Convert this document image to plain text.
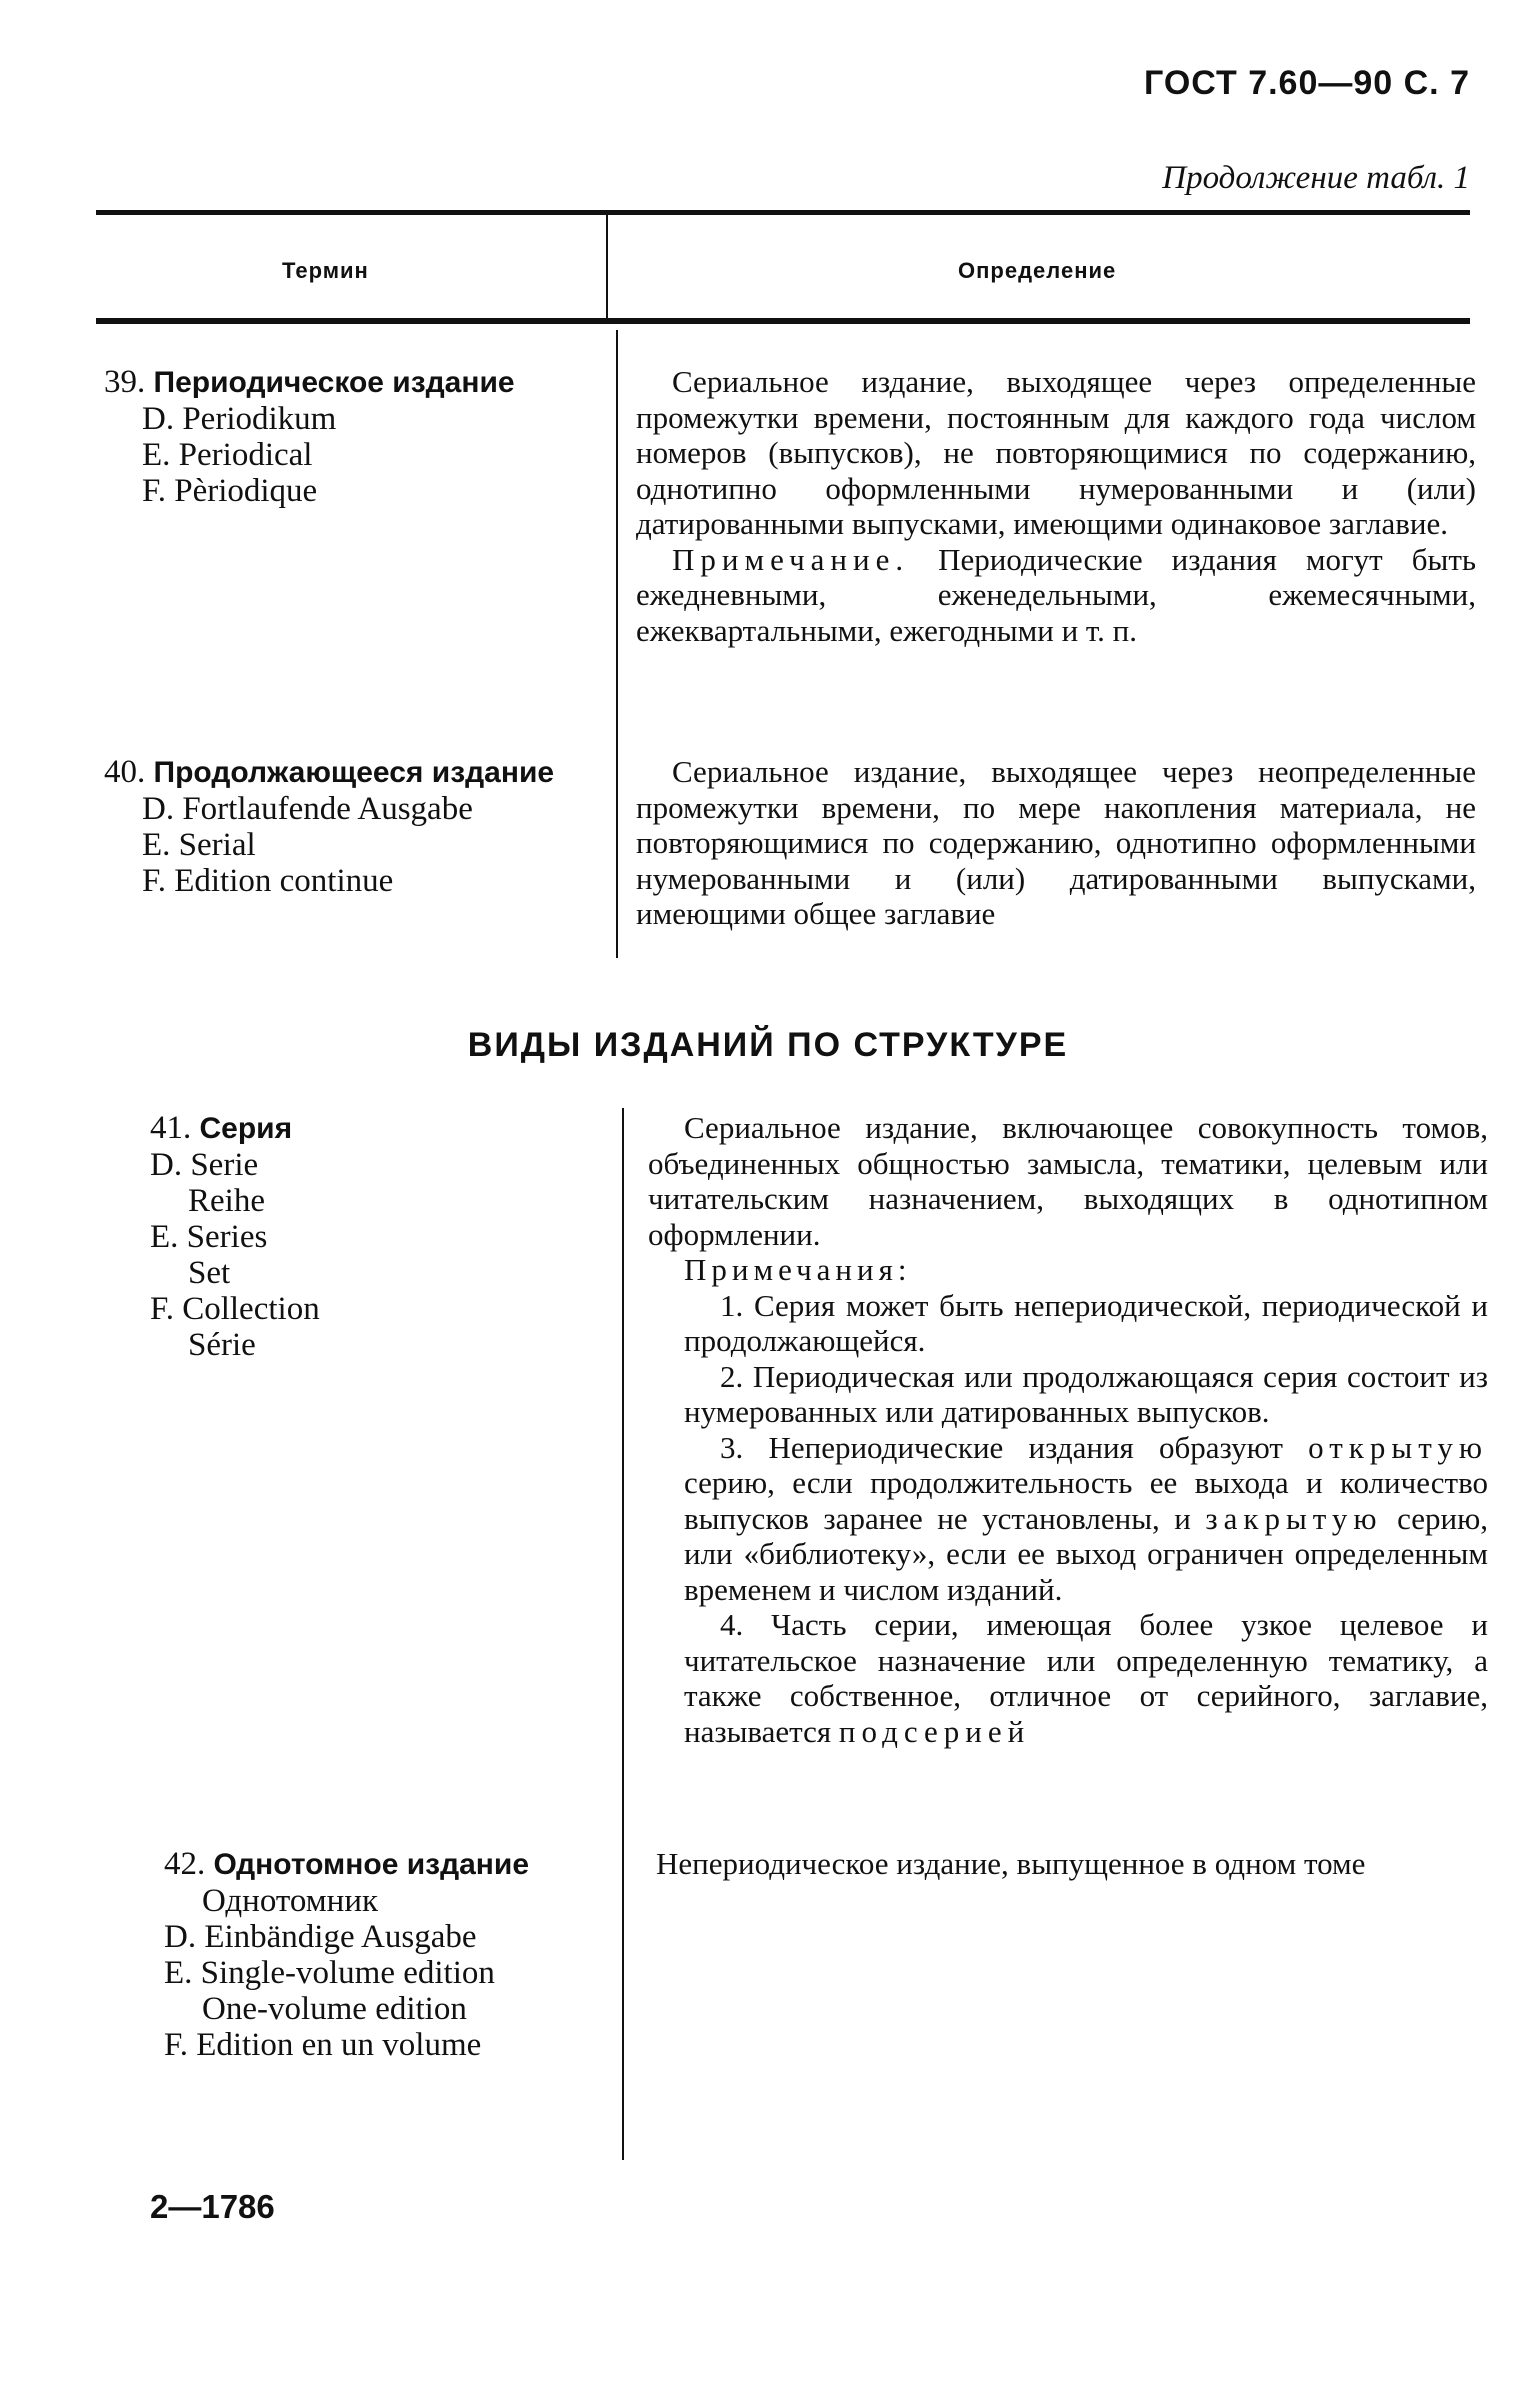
ГОСТ 7.60—90 С. 7
Продолжение табл. 1
Термин	Определение
39. Периодическое издание
D. Periodikum
E. Periodical
F. Pèriodique

Сериальное издание, выходящее через определенные промежутки времени, постоянным для каждого года числом номеров (выпусков), не повторяющимися по содержанию, однотипно оформленными нумерованными и (или) датированными выпусками, имеющими одинаковое заглавие.

Примечание. Периодические издания могут быть ежедневными, еженедельными, ежемесячными, ежеквартальными, ежегодными и т. п.

40. Продолжающееся издание
D. Fortlaufende Ausgabe
E. Serial
F. Edition continue

Сериальное издание, выходящее через неопределенные промежутки времени, по мере накопления материала, не повторяющимися по содержанию, однотипно оформленными нумерованными и (или) датированными выпусками, имеющими общее заглавие

ВИДЫ ИЗДАНИЙ ПО СТРУКТУРЕ
41. Серия
D. Serie
Reihe
E. Series
Set
F. Collection
Série

Сериальное издание, включающее совокупность томов, объединенных общностью замысла, тематики, целевым или читательским назначением, выходящих в однотипном оформлении.

Примечания:

1. Серия может быть непериодической, периодической и продолжающейся.

2. Периодическая или продолжающаяся серия состоит из нумерованных или датированных выпусков.

3. Непериодические издания образуют открытую серию, если продолжительность ее выхода и количество выпусков заранее не установлены, и закрытую серию, или «библиотеку», если ее выход ограничен определенным временем и числом изданий.

4. Часть серии, имеющая более узкое целевое и читательское назначение или определенную тематику, а также собственное, отличное от серийного, заглавие, называется подсерией

42. Однотомное издание
Однотомник
D. Einbändige Ausgabe
E. Single-volume edition
One-volume edition
F. Edition en un volume

Непериодическое издание, выпущенное в одном томе

2—1786
